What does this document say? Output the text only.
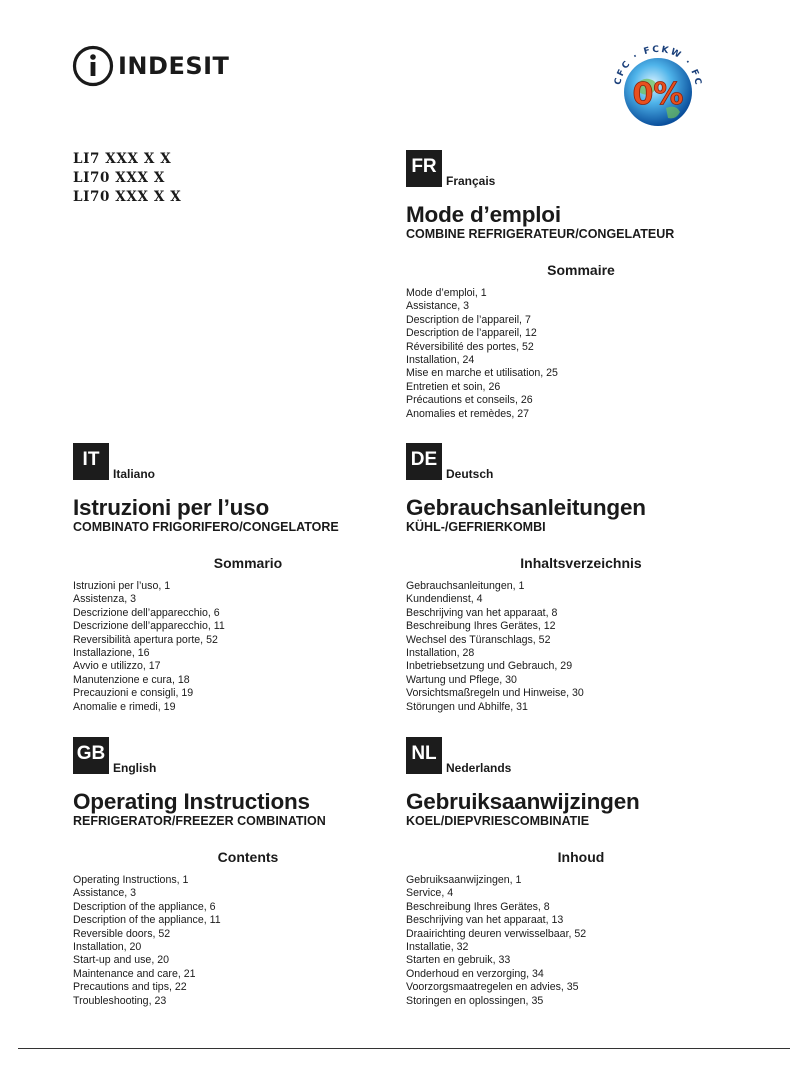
INDESIT
CFC · FCKW · FC
0%
LI7 XXX X X
LI70 XXX X
LI70 XXX X X
FR
Français
Mode d’emploi
COMBINE REFRIGERATEUR/CONGELATEUR
Sommaire
Mode d’emploi, 1
Assistance, 3
Description de l’appareil, 7
Description de l’appareil, 12
Réversibilité des portes, 52
Installation, 24
Mise en marche et utilisation, 25
Entretien et soin, 26
Précautions et conseils, 26
Anomalies et remèdes, 27
IT
Italiano
Istruzioni per l’uso
COMBINATO FRIGORIFERO/CONGELATORE
Sommario
Istruzioni per l’uso, 1
Assistenza, 3
Descrizione dell’apparecchio, 6
Descrizione dell’apparecchio, 11
Reversibilità apertura porte, 52
Installazione, 16
Avvio e utilizzo, 17
Manutenzione e cura, 18
Precauzioni e consigli, 19
Anomalie e rimedi, 19
DE
Deutsch
Gebrauchsanleitungen
KÜHL-/GEFRIERKOMBI
Inhaltsverzeichnis
Gebrauchsanleitungen, 1
Kundendienst, 4
Beschrijving van het apparaat, 8
Beschreibung Ihres Gerätes, 12
Wechsel des Türanschlags, 52
Installation, 28
Inbetriebsetzung und Gebrauch, 29
Wartung und Pflege, 30
Vorsichtsmaßregeln und Hinweise, 30
Störungen und Abhilfe, 31
GB
English
Operating Instructions
REFRIGERATOR/FREEZER COMBINATION
Contents
Operating Instructions, 1
Assistance, 3
Description of the appliance, 6
Description of the appliance, 11
Reversible doors, 52
Installation, 20
Start-up and use, 20
Maintenance and care, 21
Precautions and tips, 22
Troubleshooting, 23
NL
Nederlands
Gebruiksaanwijzingen
KOEL/DIEPVRIESCOMBINATIE
Inhoud
Gebruiksaanwijzingen, 1
Service, 4
Beschreibung Ihres Gerätes, 8
Beschrijving van het apparaat, 13
Draairichting deuren verwisselbaar, 52
Installatie, 32
Starten en gebruik, 33
Onderhoud en verzorging, 34
Voorzorgsmaatregelen en advies, 35
Storingen en oplossingen, 35
